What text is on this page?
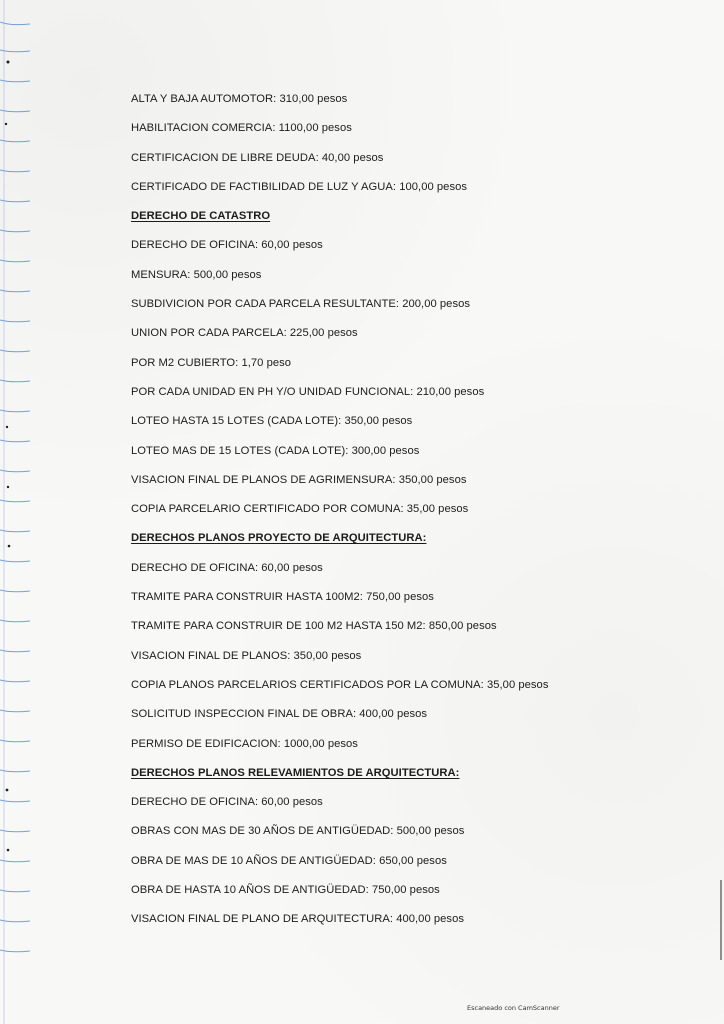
ALTA Y BAJA AUTOMOTOR: 310,00 pesos
HABILITACION COMERCIA: 1100,00 pesos
CERTIFICACION DE LIBRE DEUDA: 40,00 pesos
CERTIFICADO DE FACTIBILIDAD DE LUZ Y AGUA: 100,00 pesos
DERECHO DE CATASTRO
DERECHO DE OFICINA: 60,00 pesos
MENSURA: 500,00 pesos
SUBDIVICION POR CADA PARCELA RESULTANTE: 200,00 pesos
UNION POR CADA PARCELA: 225,00 pesos
POR M2 CUBIERTO: 1,70 peso
POR CADA UNIDAD EN PH Y/O UNIDAD FUNCIONAL: 210,00 pesos
LOTEO HASTA 15 LOTES (CADA LOTE): 350,00 pesos
LOTEO MAS DE 15 LOTES (CADA LOTE): 300,00 pesos
VISACION FINAL DE PLANOS DE AGRIMENSURA: 350,00 pesos
COPIA PARCELARIO CERTIFICADO POR COMUNA: 35,00 pesos
DERECHOS PLANOS PROYECTO DE ARQUITECTURA:
DERECHO DE OFICINA: 60,00 pesos
TRAMITE PARA CONSTRUIR HASTA 100M2: 750,00 pesos
TRAMITE PARA CONSTRUIR DE 100 M2 HASTA 150 M2: 850,00 pesos
VISACION FINAL DE PLANOS: 350,00 pesos
COPIA PLANOS PARCELARIOS CERTIFICADOS POR LA COMUNA: 35,00 pesos
SOLICITUD INSPECCION FINAL DE OBRA: 400,00 pesos
PERMISO DE EDIFICACION: 1000,00 pesos
DERECHOS PLANOS RELEVAMIENTOS DE ARQUITECTURA:
DERECHO DE OFICINA: 60,00 pesos
OBRAS CON MAS DE 30 AÑOS DE ANTIGÜEDAD: 500,00 pesos
OBRA DE MAS DE 10 AÑOS DE ANTIGÜEDAD: 650,00 pesos
OBRA DE HASTA 10 AÑOS DE ANTIGÜEDAD: 750,00 pesos
VISACION FINAL DE PLANO DE ARQUITECTURA: 400,00 pesos
Escaneado con CamScanner
